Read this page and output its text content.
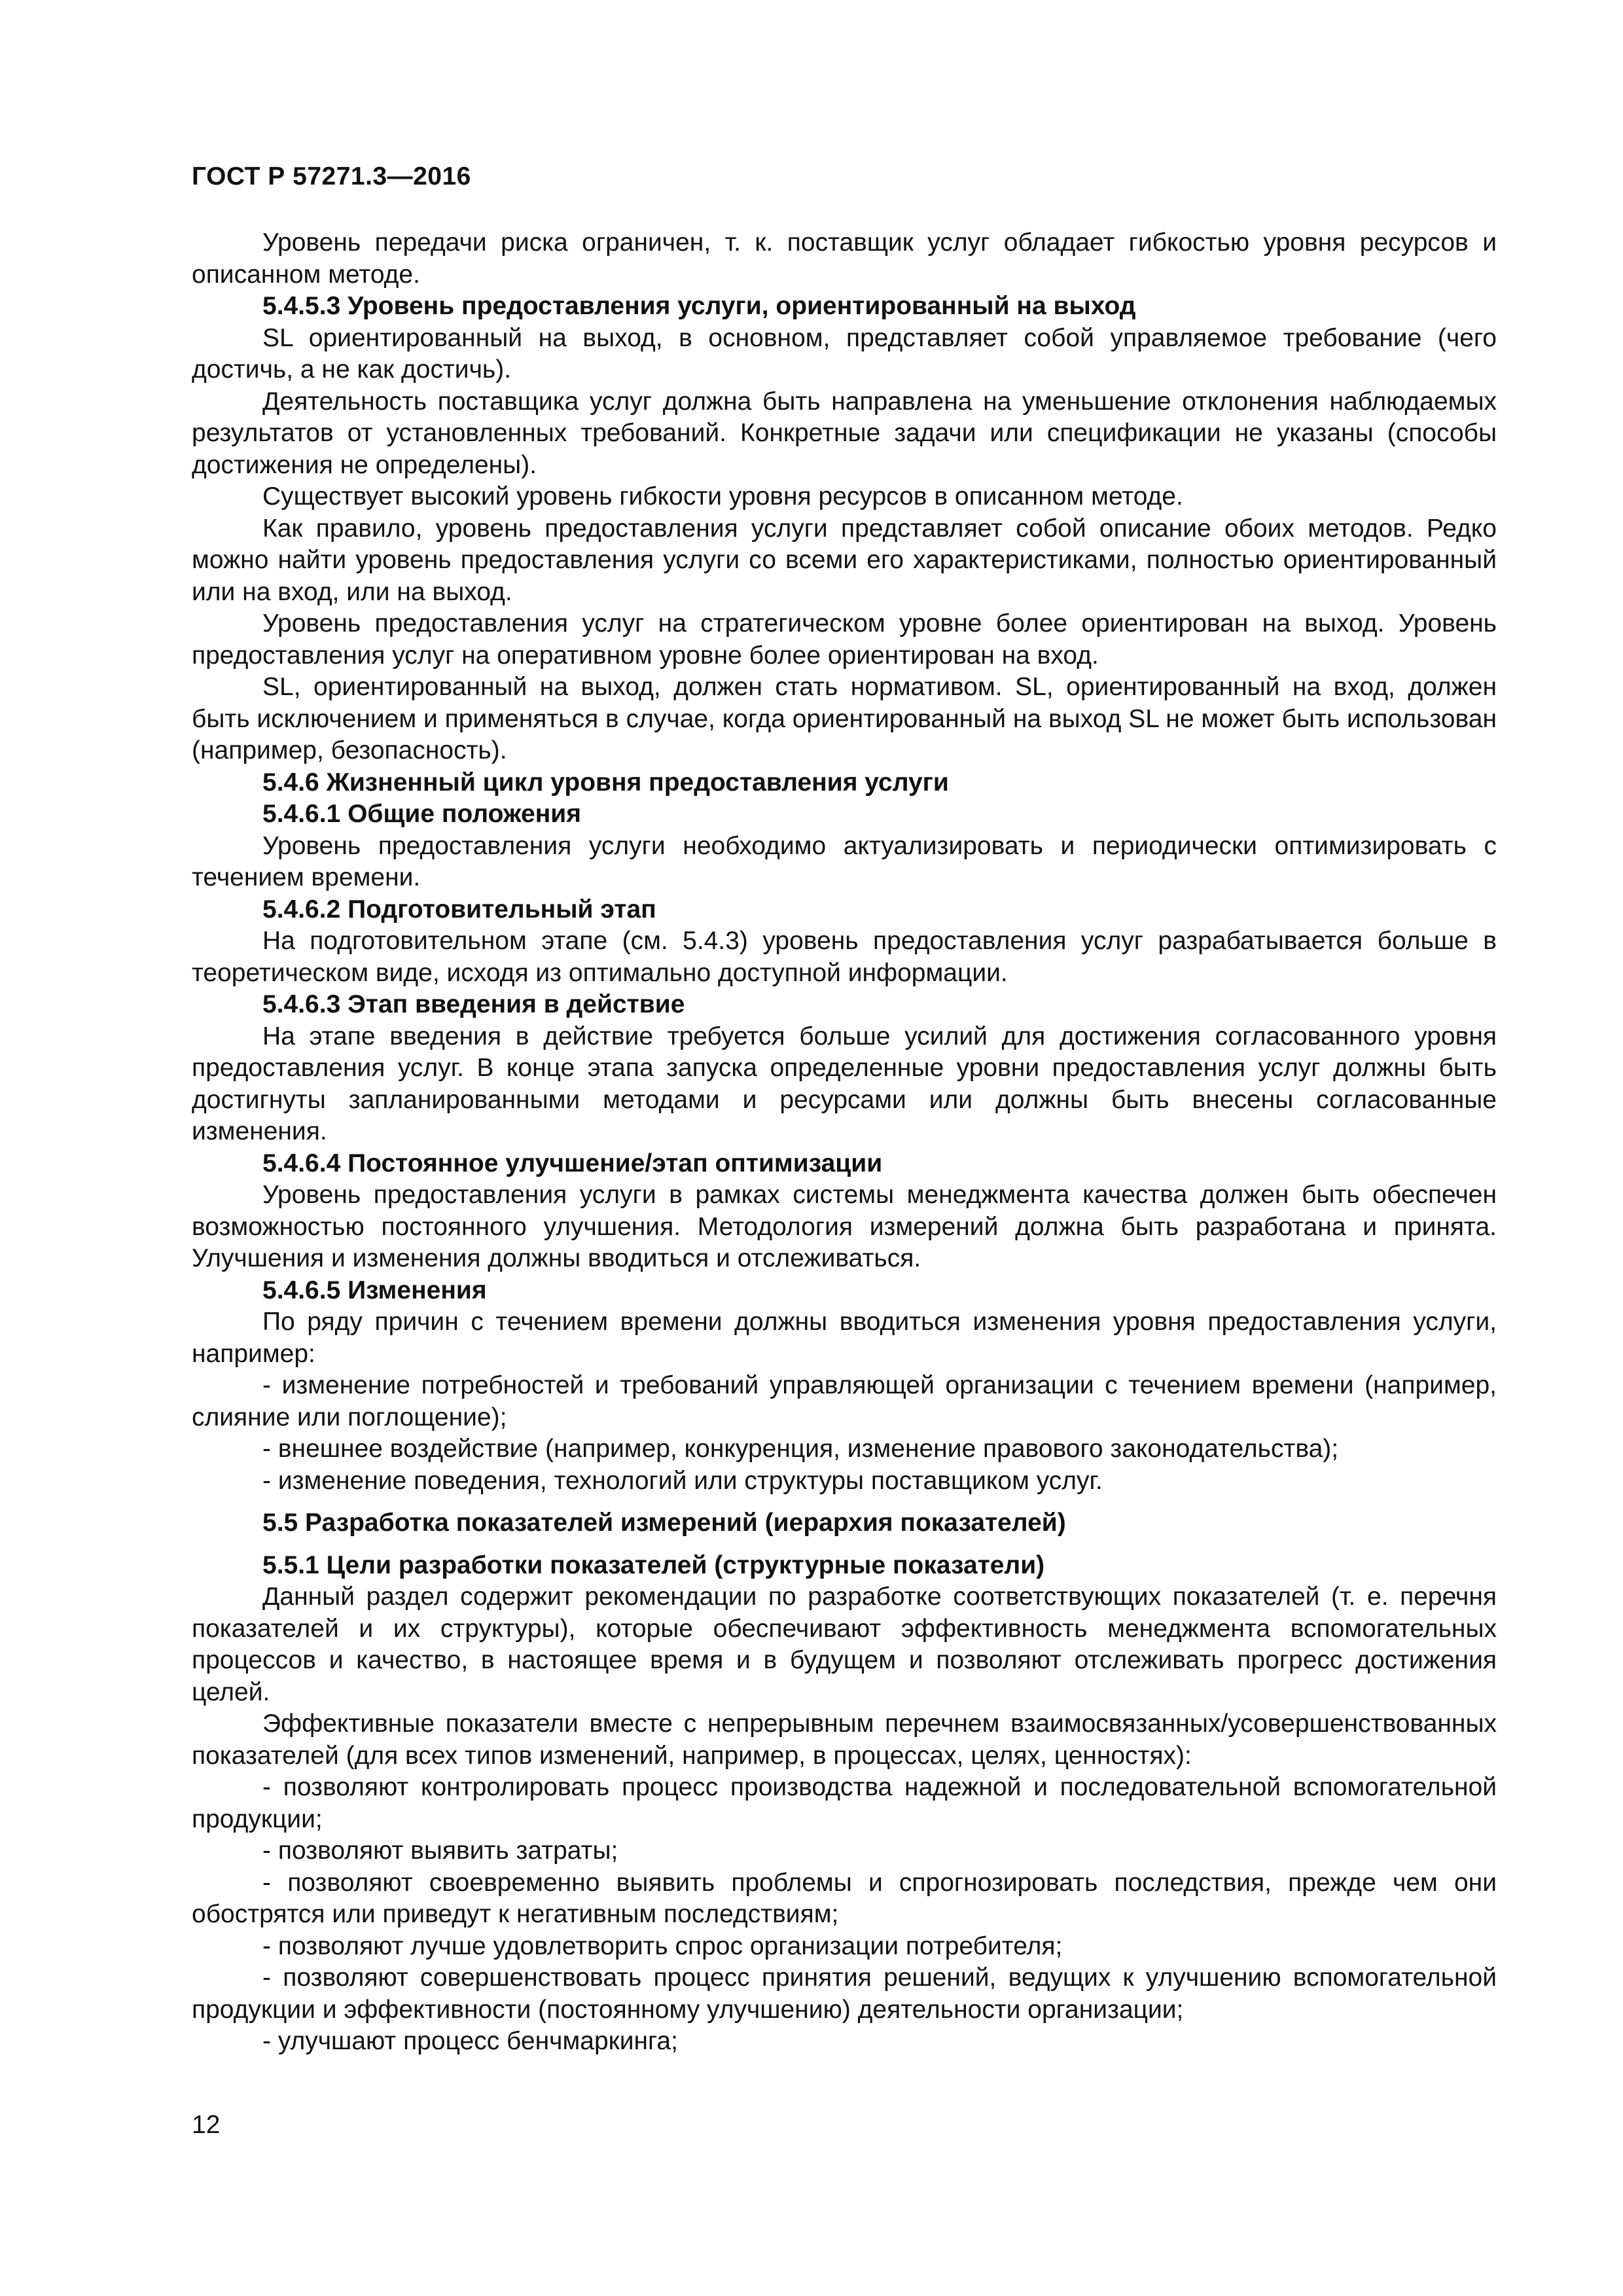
ГОСТ Р 57271.3—2016

Уровень передачи риска ограничен, т. к. поставщик услуг обладает гибкостью уровня ресурсов и описанном методе.

5.4.5.3 Уровень предоставления услуги, ориентированный на выход

SL ориентированный на выход, в основном, представляет собой управляемое требование (чего достичь, а не как достичь).

Деятельность поставщика услуг должна быть направлена на уменьшение отклонения наблюдаемых результатов от установленных требований. Конкретные задачи или спецификации не указаны (способы достижения не определены).

Существует высокий уровень гибкости уровня ресурсов в описанном методе.

Как правило, уровень предоставления услуги представляет собой описание обоих методов. Редко можно найти уровень предоставления услуги со всеми его характеристиками, полностью ориентированный или на вход, или на выход.

Уровень предоставления услуг на стратегическом уровне более ориентирован на выход. Уровень предоставления услуг на оперативном уровне более ориентирован на вход.

SL, ориентированный на выход, должен стать нормативом. SL, ориентированный на вход, должен быть исключением и применяться в случае, когда ориентированный на выход SL не может быть использован (например, безопасность).

5.4.6 Жизненный цикл уровня предоставления услуги

5.4.6.1 Общие положения

Уровень предоставления услуги необходимо актуализировать и периодически оптимизировать с течением времени.

5.4.6.2 Подготовительный этап

На подготовительном этапе (см. 5.4.3) уровень предоставления услуг разрабатывается больше в теоретическом виде, исходя из оптимально доступной информации.

5.4.6.3 Этап введения в действие

На этапе введения в действие требуется больше усилий для достижения согласованного уровня предоставления услуг. В конце этапа запуска определенные уровни предоставления услуг должны быть достигнуты запланированными методами и ресурсами или должны быть внесены согласованные изменения.

5.4.6.4 Постоянное улучшение/этап оптимизации

Уровень предоставления услуги в рамках системы менеджмента качества должен быть обеспечен возможностью постоянного улучшения. Методология измерений должна быть разработана и принята. Улучшения и изменения должны вводиться и отслеживаться.

5.4.6.5 Изменения

По ряду причин с течением времени должны вводиться изменения уровня предоставления услуги, например:

- изменение потребностей и требований управляющей организации с течением времени (например, слияние или поглощение);

- внешнее воздействие (например, конкуренция, изменение правового законодательства);

- изменение поведения, технологий или структуры поставщиком услуг.

5.5 Разработка показателей измерений (иерархия показателей)

5.5.1 Цели разработки показателей (структурные показатели)

Данный раздел содержит рекомендации по разработке соответствующих показателей (т. е. перечня показателей и их структуры), которые обеспечивают эффективность менеджмента вспомогательных процессов и качество, в настоящее время и в будущем и позволяют отслеживать прогресс достижения целей.

Эффективные показатели вместе с непрерывным перечнем взаимосвязанных/усовершенствованных показателей (для всех типов изменений, например, в процессах, целях, ценностях):

- позволяют контролировать процесс производства надежной и последовательной вспомогательной продукции;

- позволяют выявить затраты;

- позволяют своевременно выявить проблемы и спрогнозировать последствия, прежде чем они обострятся или приведут к негативным последствиям;

- позволяют лучше удовлетворить спрос организации потребителя;

- позволяют совершенствовать процесс принятия решений, ведущих к улучшению вспомогательной продукции и эффективности (постоянному улучшению) деятельности организации;

- улучшают процесс бенчмаркинга;

12
